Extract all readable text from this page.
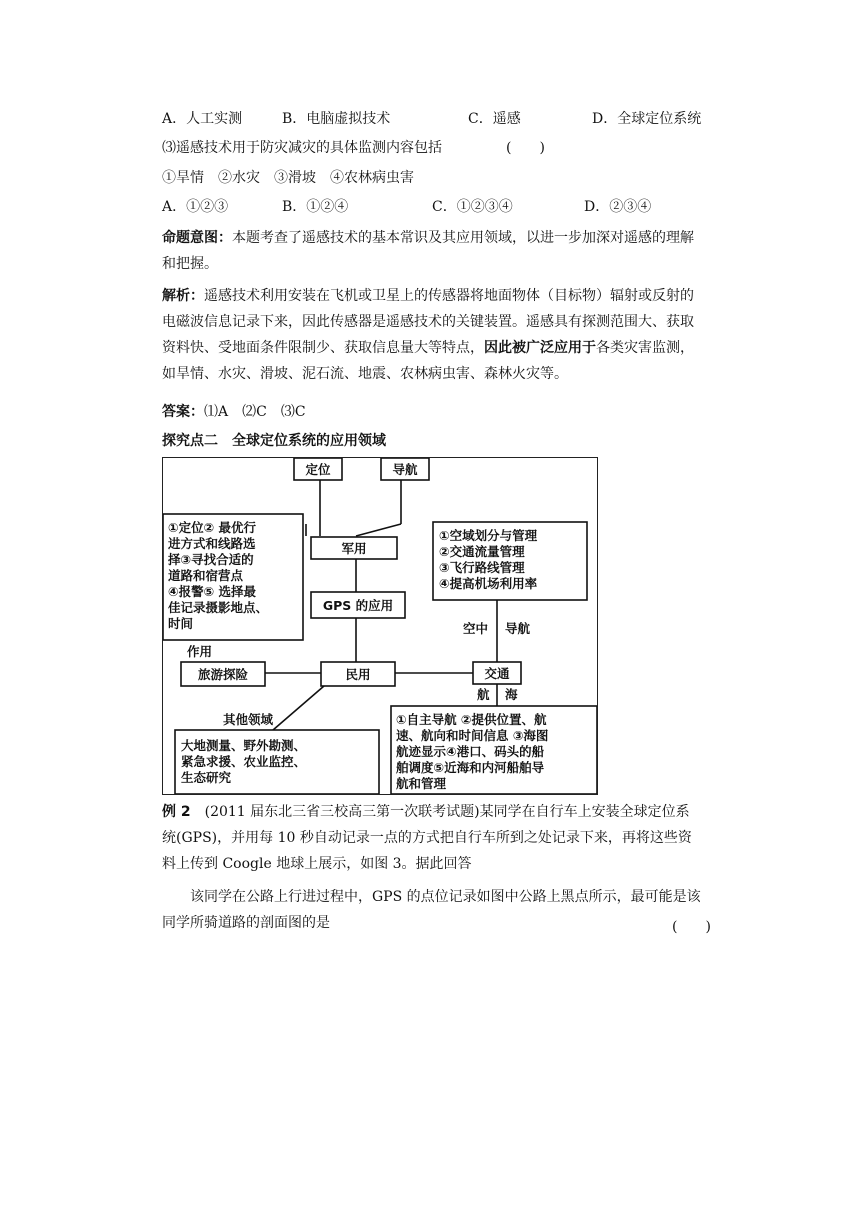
A．人工实测	B．电脑虚拟技术	C．遥感	D．全球定位系统
⑶遥感技术用于防灾减灾的具体监测内容包括	(　　)
①旱情　②水灾　③滑坡　④农林病虫害
A．①②③	B．①②④	C．①②③④	D．②③④
命题意图：本题考查了遥感技术的基本常识及其应用领域，以进一步加深对遥感的理解和把握。
解析：遥感技术利用安装在飞机或卫星上的传感器将地面物体（目标物）辐射或反射的电磁波信息记录下来，因此传感器是遥感技术的关键装置。遥感具有探测范围大、获取资料快、受地面条件限制少、获取信息量大等特点，因此被广泛应用于各类灾害监测，如旱情、水灾、滑坡、泥石流、地震、农林病虫害、森林火灾等。
答案：⑴A　⑵C　⑶C
探究点二　全球定位系统的应用领域
定位	导航
军用
GPS 的应用
民用
旅游探险	交通
作用
空中 导航
航 海
其他领域
①定位② 最优行
进方式和线路选
择③寻找合适的
道路和宿营点
④报警⑤ 选择最
佳记录摄影地点、
时间
①空域划分与管理
②交通流量管理
③飞行路线管理
④提高机场利用率
①自主导航 ②提供位置、航
速、航向和时间信息 ③海图
航迹显示④港口、码头的船
舶调度⑤近海和内河船舶导
航和管理
大地测量、野外勘测、
紧急求援、农业监控、
生态研究
例 2　(2011 届东北三省三校高三第一次联考试题)某同学在自行车上安装全球定位系统(GPS)，并用每 10 秒自动记录一点的方式把自行车所到之处记录下来，再将这些资料上传到 Coogle 地球上展示，如图 3。据此回答
该同学在公路上行进过程中，GPS 的点位记录如图中公路上黑点所示，最可能是该同学所骑道路的剖面图的是	(　　)
